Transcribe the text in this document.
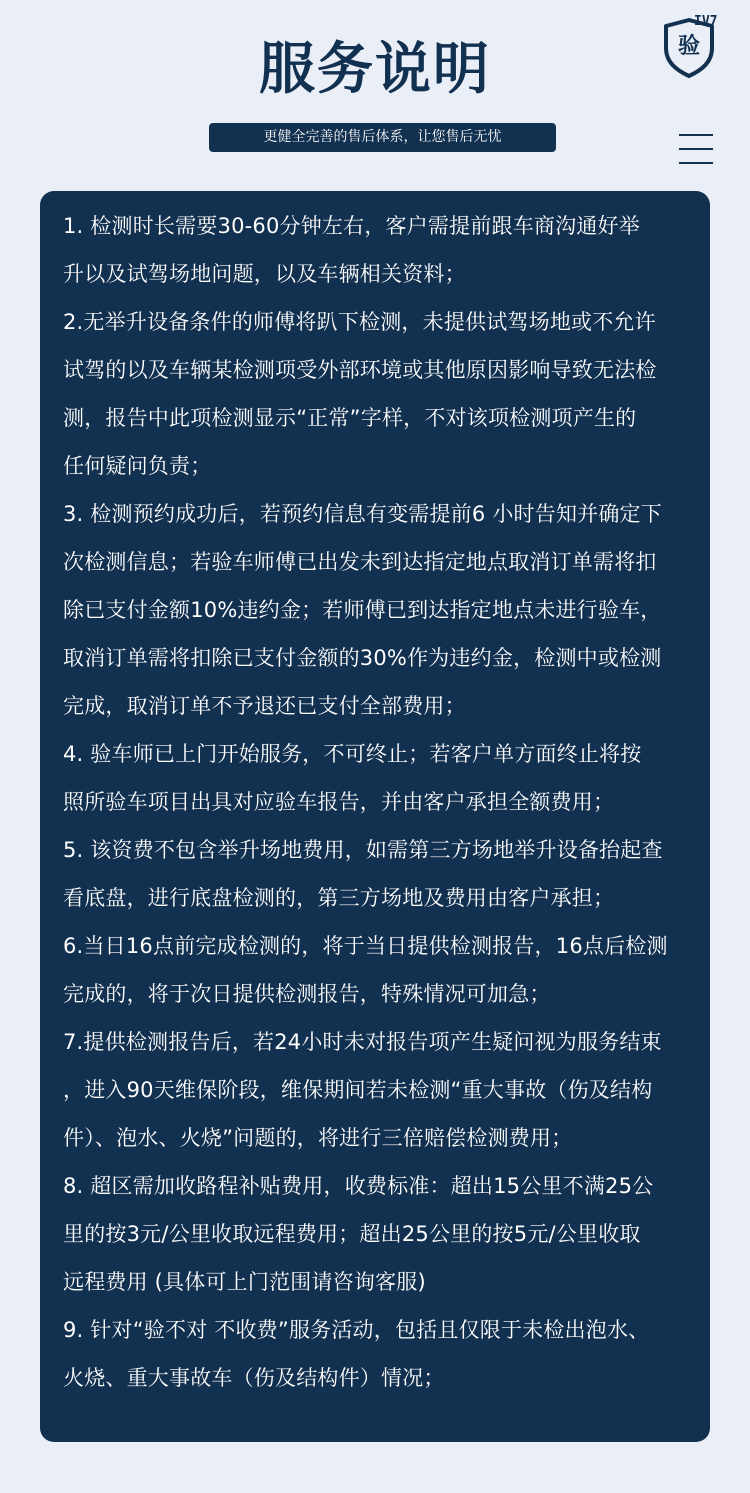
服务说明
更健全完善的售后体系，让您售后无忧
验
IV7
1. 检测时长需要30-60分钟左右，客户需提前跟车商沟通好举
升以及试驾场地问题，以及车辆相关资料；
2.无举升设备条件的师傅将趴下检测，未提供试驾场地或不允许
试驾的以及车辆某检测项受外部环境或其他原因影响导致无法检
测，报告中此项检测显示“正常”字样，不对该项检测项产生的
任何疑问负责；
3. 检测预约成功后，若预约信息有变需提前6 小时告知并确定下
次检测信息；若验车师傅已出发未到达指定地点取消订单需将扣
除已支付金额10%违约金；若师傅已到达指定地点未进行验车，
取消订单需将扣除已支付金额的30%作为违约金，检测中或检测
完成，取消订单不予退还已支付全部费用；
4. 验车师已上门开始服务，不可终止；若客户单方面终止将按
照所验车项目出具对应验车报告，并由客户承担全额费用；
5. 该资费不包含举升场地费用，如需第三方场地举升设备抬起查
看底盘，进行底盘检测的，第三方场地及费用由客户承担；
6.当日16点前完成检测的，将于当日提供检测报告，16点后检测
完成的，将于次日提供检测报告，特殊情况可加急；
7.提供检测报告后，若24小时未对报告项产生疑问视为服务结束
，进入90天维保阶段，维保期间若未检测“重大事故（伤及结构
件）、泡水、火烧”问题的，将进行三倍赔偿检测费用；
8. 超区需加收路程补贴费用，收费标准：超出15公里不满25公
里的按3元/公里收取远程费用；超出25公里的按5元/公里收取
远程费用 (具体可上门范围请咨询客服)
9. 针对“验不对 不收费”服务活动，包括且仅限于未检出泡水、
火烧、重大事故车（伤及结构件）情况；
